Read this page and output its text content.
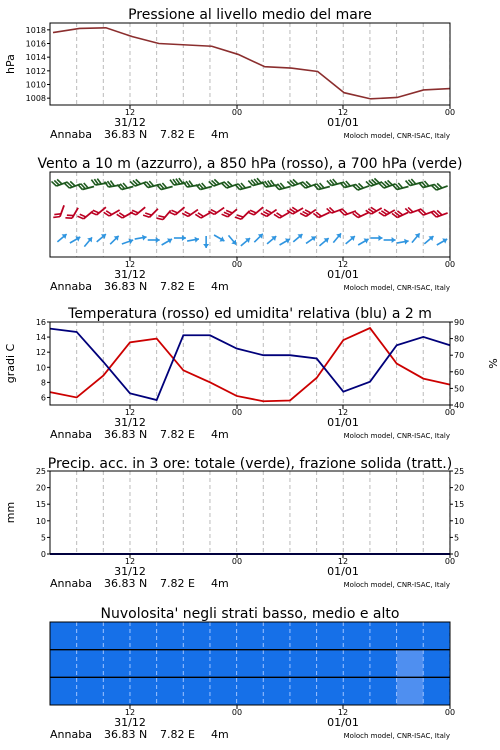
1008
1010
1012
1014
1016
1018
hPa
Pressione al livello medio del mare
12	00	12	00
31/12	01/01
Annaba 36.83 N 7.82 E 4m	Moloch model, CNR-ISAC, Italy
Vento a 10 m (azzurro), a 850 hPa (rosso), a 700 hPa (verde)
12	00	12	00
31/12	01/01
Annaba 36.83 N 7.82 E 4m	Moloch model, CNR-ISAC, Italy
6
8
10
12
14
16
40
50
60
70
80
90
gradi C	%
Temperatura (rosso) ed umidita' relativa (blu) a 2 m
12	00	12	00
31/12	01/01
Annaba 36.83 N 7.82 E 4m	Moloch model, CNR-ISAC, Italy
0	0
5	5
10	10
15	15
20	20
25	25
mm
Precip. acc. in 3 ore: totale (verde), frazione solida (tratt.)
12	00	12	00
31/12	01/01
Annaba 36.83 N 7.82 E 4m	Moloch model, CNR-ISAC, Italy
Nuvolosita' negli strati basso, medio e alto
12	00	12	00
31/12	01/01
Annaba 36.83 N 7.82 E 4m	Moloch model, CNR-ISAC, Italy
